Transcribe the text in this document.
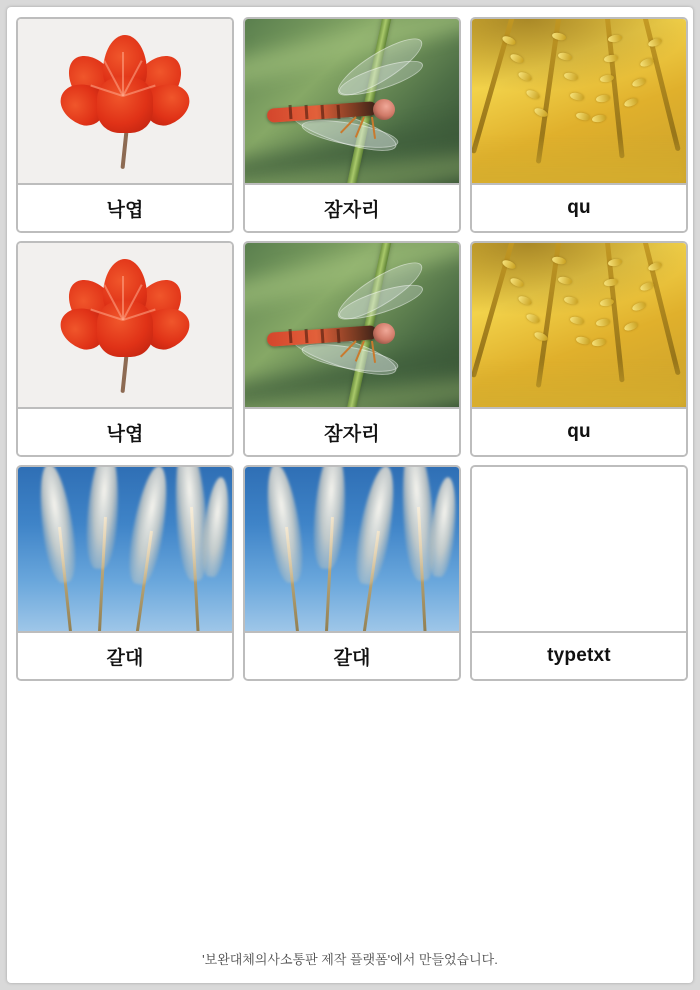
낙엽	잠자리	qu
낙엽	잠자리	qu
갈대	갈대	typetxt
'보완대체의사소통판 제작 플랫폼'에서 만들었습니다.
